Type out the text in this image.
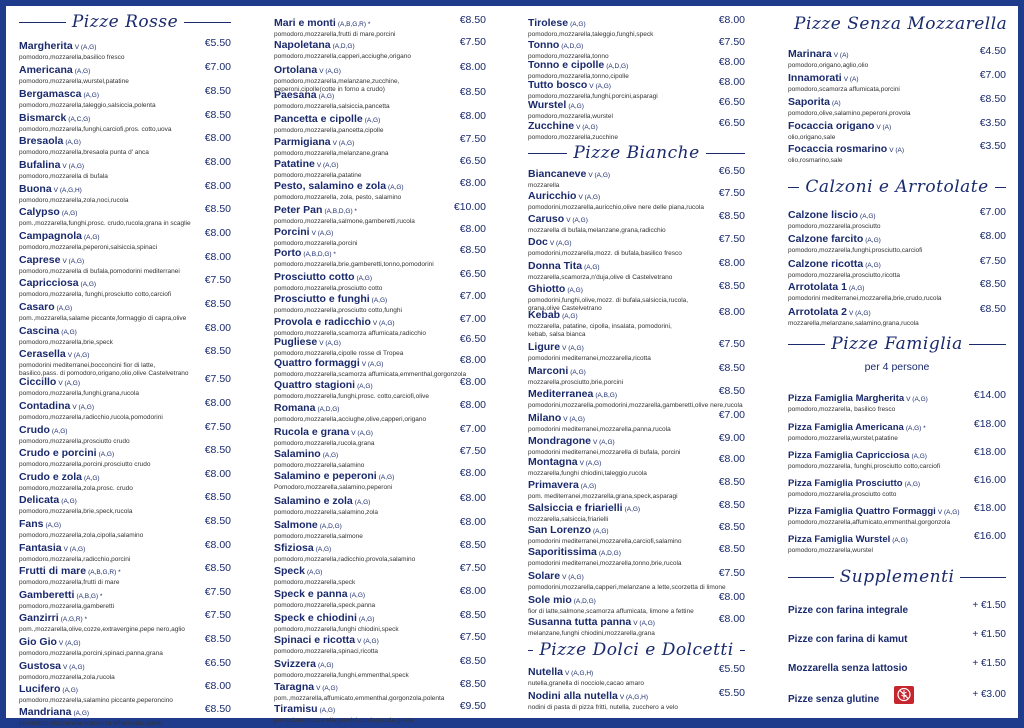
Pizze Rosse
Margherita V (A,G)
pomodoro,mozzarella,basilico fresco
€5.50
Americana (A,G)
pomodoro,mozzarella,wurstel,patatine
€7.00
Bergamasca (A,G)
pomodoro,mozzarella,taleggio,salsiccia,polenta
€8.50
Bismarck (A,C,G)
pomodoro,mozzarella,funghi,carciofi,pros. cotto,uova
€8.50
Bresaola (A,G)
pomodoro,mozzarella,bresaola punta d' anca
€8.00
Bufalina V (A,G)
pomodoro,mozzarella di bufala
€8.00
Buona V (A,G,H)
pomodoro,mozzarella,zola,noci,rucola
€8.00
Calypso (A,G)
pom.,mozzarella,funghi,prosc. crudo,rucola,grana in scaglie
€8.50
Campagnola (A,G)
pomodoro,mozzarella,peperoni,salsiccia,spinaci
€8.00
Caprese V (A,G)
pomodoro,mozzarella di bufala,pomodorini mediterranei
€8.00
Capricciosa (A,G)
pomodoro,mozzarella, funghi,prosciutto cotto,carciofi
€7.50
Casaro (A,G)
pom.,mozzarella,salame piccante,formaggio di capra,olive
€8.50
Cascina (A,G)
pomodoro,mozzarella,brie,speck
€8.00
Cerasella V (A,G)
pomodorini mediterranei,bocconcini fior di latte,
basilico,pass. di pomodoro,origano,olio,olive Castelvetrano
€8.50
Ciccillo V (A,G)
pomodoro,mozzarella,funghi,grana,rucola
€7.50
Contadina V (A,G)
pomodoro,mozzarella,radicchio,rucola,pomodorini
€8.00
Crudo (A,G)
pomodoro,mozzarella,prosciutto crudo
€7.50
Crudo e porcini (A,G)
pomodoro,mozzarella,porcini,prosciutto crudo
€8.50
Crudo e zola (A,G)
pomodoro,mozzarella,zola,prosc. crudo
€8.00
Delicata (A,G)
pomodoro,mozzarella,brie,speck,rucola
€8.50
Fans (A,G)
pomodoro,mozzarella,zola,cipolla,salamino
€8.50
Fantasia V (A,G)
pomodoro,mozzarella,radicchio,porcini
€8.00
Frutti di mare (A,B,G,R) *
pomodoro,mozzarella,frutti di mare
€8.50
Gamberetti (A,B,G) *
pomodoro,mozzarella,gamberetti
€7.50
Ganzirri (A,G,R) *
pom.,mozzarella,olive,cozze,extravergine,pepe nero,aglio
€7.50
Gio Gio V (A,G)
pomodoro,mozzarella,porcini,spinaci,panna,grana
€8.50
Gustosa V (A,G)
pomodoro,mozzarella,zola,rucola
€6.50
Lucifero (A,G)
pomodoro,mozzarella,salamino piccante,peperoncino
€8.00
Mandriana (A,G)
pomodoro,mozzarella,scamorza affumicata,speck
€8.50
Mari e monti (A,B,G,R) *
pomodoro,mozzarella,frutti di mare,porcini
€8.50
Napoletana (A,D,G)
pomodoro,mozzarella,capperi,acciughe,origano
€7.50
Ortolana V (A,G)
pomodoro,mozzarella,melanzane,zucchine,
peperoni,cipolle(cotte in forno a crudo)
€8.00
Paesana (A,G)
pomodoro,mozzarella,salsiccia,pancetta
€8.50
Pancetta e cipolle (A,G)
pomodoro,mozzarella,pancetta,cipolle
€8.00
Parmigiana V (A,G)
pomodoro,mozzarella,melanzane,grana
€7.50
Patatine V (A,G)
pomodoro,mozzarella,patatine
€6.50
Pesto, salamino e zola (A,G)
pomodoro,mozzarella, zola, pesto, salamino
€8.00
Peter Pan (A,B,D,G) *
pomodoro,mozzarella,salmone,gamberetti,rucola
€10.00
Porcini V (A,G)
pomodoro,mozzarella,porcini
€8.00
Porto (A,B,D,G) *
pomodoro,mozzarella,brie,gamberetti,tonno,pomodorini
€8.50
Prosciutto cotto (A,G)
pomodoro,mozzarella,prosciutto cotto
€6.50
Prosciutto e funghi (A,G)
pomodoro,mozzarella,prosciutto cotto,funghi
€7.00
Provola e radicchio V (A,G)
pomodoro,mozzarella,scamorza affumicata,radicchio
€7.00
Pugliese V (A,G)
pomodoro,mozzarella,cipolle rosse di Tropea
€6.50
Quattro formaggi V (A,G)
pomodoro,mozzarella,scamorza affumicata,emmenthal,gorgonzola
€8.00
Quattro stagioni (A,G)
pomodoro,mozzarella,funghi,prosc. cotto,carciofi,olive
€8.00
Romana (A,D,G)
pomodoro,mozzarella,acciughe,olive,capperi,origano
€8.00
Rucola e grana V (A,G)
pomodoro,mozzarella,rucola,grana
€7.00
Salamino (A,G)
pomodoro,mozzarella,salamino
€7.50
Salamino e peperoni (A,G)
Pomodoro,mozzarella,salamino,peperoni
€8.00
Salamino e zola (A,G)
pomodoro,mozzarella,salamino,zola
€8.00
Salmone (A,D,G)
pomodoro,mozzarella,salmone
€8.00
Sfiziosa (A,G)
pomodoro,mozzarella,radicchio,provola,salamino
€8.50
Speck (A,G)
pomodoro,mozzarella,speck
€7.50
Speck e panna (A,G)
pomodoro,mozzarella,speck,panna
€8.00
Speck e chiodini (A,G)
pomodoro,mozzarella,funghi chiodini,speck
€8.50
Spinaci e ricotta V (A,G)
pomodoro,mozzarella,spinaci,ricotta
€7.50
Svizzera (A,G)
pomodoro,mozzarella,funghi,emmenthal,speck
€8.50
Taragna V (A,G)
pom.,mozzarella,affumicato,emmenthal,gorgonzola,polenta
€8.50
Tiramisu (A,G)
pomodoro,mozzarella,porcini,crudo,rucola,grana
€9.50
Tirolese (A,G)
pomodoro,mozzarella,taleggio,funghi,speck
€8.00
Tonno (A,D,G)
pomodoro,mozzarella,tonno
€7.50
Tonno e cipolle (A,D,G)
pomodoro,mozzarella,tonno,cipolle
€8.00
Tutto bosco V (A,G)
pomodoro,mozzarella,funghi,porcini,asparagi
€8.00
Wurstel (A,G)
pomodoro,mozzarella,wurstel
€6.50
Zucchine V (A,G)
pomodoro,mozzarella,zucchine
€6.50
Pizze Bianche
Biancaneve V (A,G)
mozzarella
€6.50
Auricchio V (A,G)
pomodorini,mozzarella,auricchio,olive nere delle piana,rucola
€7.50
Caruso V (A,G)
mozzarella di bufala,melanzane,grana,radicchio
€8.50
Doc V (A,G)
pomodorini,mozzarella,mozz. di bufala,basilico fresco
€7.50
Donna Tita (A,G)
mozzarella,scamorza,n'duja,olive di Castelvetrano
€8.00
Ghiotto (A,G)
pomodorini,funghi,olive,mozz. di bufala,salsiccia,rucola,
grana,olive Castelvetrano
€8.50
Kebab (A,G)
mozzarella, patatine, cipolla, insalata, pomodorini,
kebab, salsa bianca
€8.00
Ligure V (A,G)
pomodorini mediterranei,mozzarella,ricotta
€7.50
Marconi (A,G)
mozzarella,prosciutto,brie,porcini
€8.50
Mediterranea (A,B,G)
pomodorini,mozzarella,pomodorini,mozzarella,gamberetti,olive nere,rucola
€8.50
Milano V (A,G)
pomodorini mediterranei,mozzarella,panna,rucola
€7.00
Mondragone V (A,G)
pomodorini mediterranei,mozzarella di bufala, porcini
€9.00
Montagna V (A,G)
mozzarella,funghi chiodini,taleggio,rucola
€8.00
Primavera (A,G)
pom. mediterranei,mozzarella,grana,speck,asparagi
€8.50
Salsiccia e friarielli (A,G)
mozzarella,salsiccia,friarielli
€8.50
San Lorenzo (A,G)
pomodorini mediterranei,mozzarella,carciofi,salamino
€8.50
Saporitissima (A,D,G)
pomodorini mediterranei,mozzarella,tonno,brie,rucola
€8.50
Solare V (A,G)
pomodorini,mozzarella,capperi,melanzane a lette,scorzetta di limone
€7.50
Sole mio (A,D,G)
fior di latte,salmone,scamorza affumicata, limone a fettine
€8.00
Susanna tutta panna V (A,G)
melanzane,funghi chiodini,mozzarella,grana
€8.00
Pizze Dolci e Dolcetti
Nutella V (A,G,H)
nutella,granella di nocciole,cacao amaro
€5.50
Nodini alla nutella V (A,G,H)
nodini di pasta di pizza fritti, nutella, zucchero a velo
€5.50
Pizze Senza Mozzarella
Marinara V (A)
pomodoro,origano,aglio,olio
€4.50
Innamorati V (A)
pomodoro,scamorza affumicata,porcini
€7.00
Saporita (A)
pomodoro,olive,salamino,peperoni,provola
€8.50
Focaccia origano V (A)
olio,origano,sale
€3.50
Focaccia rosmarino V (A)
olio,rosmarino,sale
€3.50
Calzoni e Arrotolate
Calzone liscio (A,G)
pomodoro,mozzarella,prosciutto
€7.00
Calzone farcito (A,G)
pomodoro,mozzarella,funghi,prosciutto,carciofi
€8.00
Calzone ricotta (A,G)
pomodoro,mozzarella,prosciutto,ricotta
€7.50
Arrotolata 1 (A,G)
pomodorini mediterranei,mozzarella,brie,crudo,rucola
€8.50
Arrotolata 2 V (A,G)
mozzarella,melanzane,salamino,grana,rucola
€8.50
Pizze Famiglia
per 4 persone
Pizza Famiglia Margherita V (A,G)
pomodoro,mozzarella, basilico fresco
€14.00
Pizza Famiglia Americana (A,G) *
pomodoro,mozzarella,wurstel,patatine
€18.00
Pizza Famiglia Capricciosa (A,G)
pomodoro,mozzarella, funghi,prosciutto cotto,carciofi
€18.00
Pizza Famiglia Prosciutto (A,G)
pomodoro,mozzarella,prosciutto cotto
€16.00
Pizza Famiglia Quattro Formaggi V (A,G)
pomodoro,mozzarella,affumicato,emmenthal,gorgonzola
€18.00
Pizza Famiglia Wurstel (A,G)
pomodoro,mozzarella,wurstel
€16.00
Supplementi
Pizze con farina integrale	+ €1.50
Pizze con farina di kamut	+ €1.50
Mozzarella senza lattosio	+ €1.50
Pizze senza glutine	+ €3.00
